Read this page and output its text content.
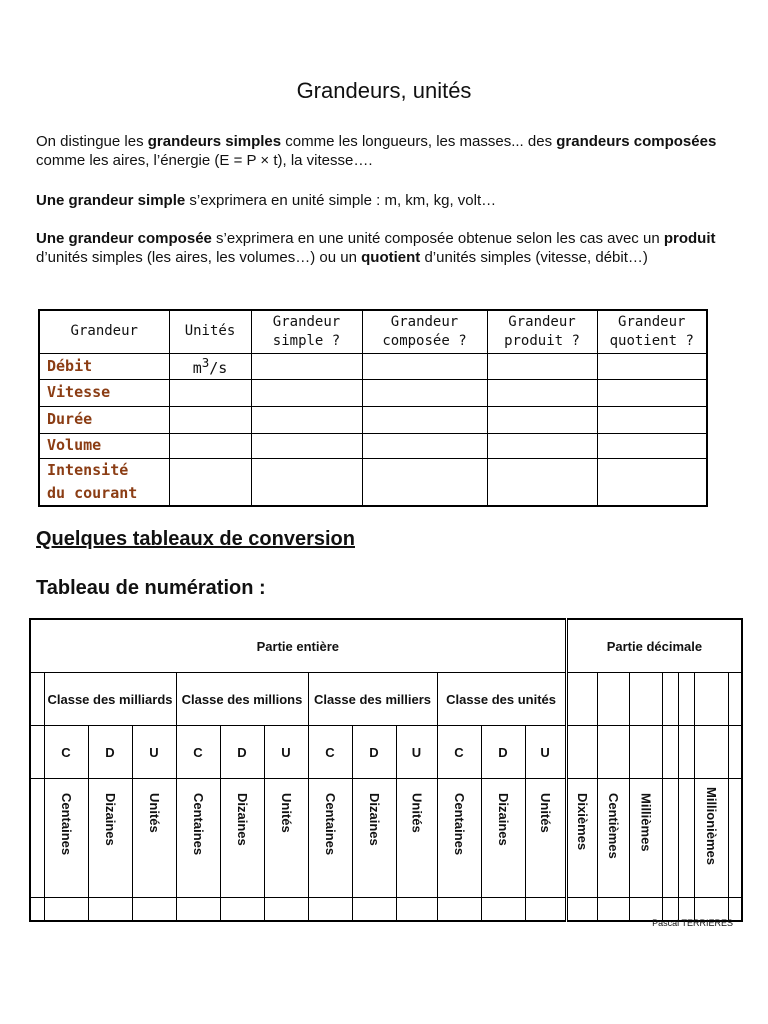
Grandeurs, unités
On distingue les grandeurs simples comme les longueurs, les masses... des grandeurs composées comme les aires, l’énergie (E = P × t), la vitesse….
Une grandeur simple s’exprimera en unité simple : m, km, kg, volt…
Une grandeur composée s’exprimera en une unité composée obtenue selon les cas avec un produit d’unités simples (les aires, les volumes…) ou un quotient d’unités simples (vitesse, débit…)
Grandeur	Unités	Grandeur simple ?	Grandeur composée ?	Grandeur produit ?	Grandeur quotient ?
Débit	$m^3/s$				
Vitesse					
Durée					
Volume					
Intensité du courant					
Quelques tableaux de conversion
Tableau de numération :
Partie entière													Partie décimale						
	Classe des milliards			Classe des millions			Classe des milliers			Classe des unités									
	C	D	U	C	D	U	C	D	U	C	D	U							
	Centaines	Dizaines	Unités	Centaines	Dizaines	Unités	Centaines	Dizaines	Unités	Centaines	Dizaines	Unités	Dixièmes	Centièmes	Millièmes			Millionièmes	

Pascal TERRIERES
